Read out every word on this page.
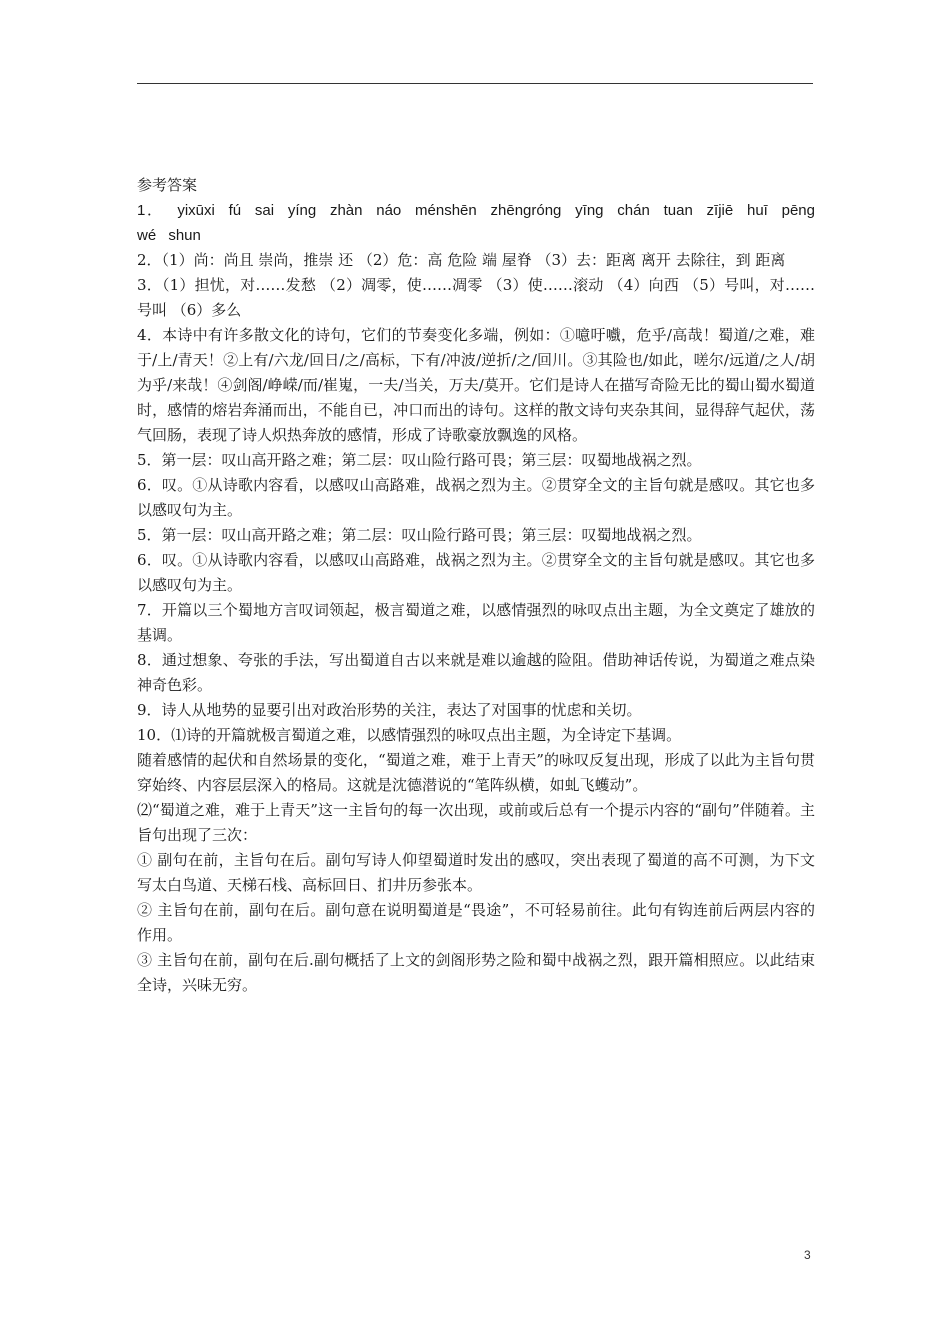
参考答案

1． yixūxi fú sai yíng zhàn náo ménshēn zhēngróng yīng chán tuan zījiē huī pēng wé shun

2．（1）尚：尚且 崇尚，推崇 还 （2）危：高 危险 端 屋脊 （3）去：距离 离开 去除往，到 距离

3．（1）担忧，对……发愁 （2）凋零，使……凋零 （3）使……滚动 （4）向西 （5）号叫，对……号叫 （6）多么

4．本诗中有许多散文化的诗句，它们的节奏变化多端，例如：①噫吁嚱，危乎/高哉！蜀道/之难，难于/上/青天！②上有/六龙/回日/之/高标，下有/冲波/逆折/之/回川。③其险也/如此，嗟尔/远道/之人/胡为乎/来哉！④剑阁/峥嵘/而/崔嵬，一夫/当关，万夫/莫开。它们是诗人在描写奇险无比的蜀山蜀水蜀道时，感情的熔岩奔涌而出，不能自已，冲口而出的诗句。这样的散文诗句夹杂其间，显得辞气起伏，荡气回肠，表现了诗人炽热奔放的感情，形成了诗歌豪放飘逸的风格。

5．第一层：叹山高开路之难；第二层：叹山险行路可畏；第三层：叹蜀地战祸之烈。

6．叹。①从诗歌内容看，以感叹山高路难，战祸之烈为主。②贯穿全文的主旨句就是感叹。其它也多以感叹句为主。

5．第一层：叹山高开路之难；第二层：叹山险行路可畏；第三层：叹蜀地战祸之烈。

6．叹。①从诗歌内容看，以感叹山高路难，战祸之烈为主。②贯穿全文的主旨句就是感叹。其它也多以感叹句为主。

7．开篇以三个蜀地方言叹词领起，极言蜀道之难，以感情强烈的咏叹点出主题，为全文奠定了雄放的基调。

8．通过想象、夸张的手法，写出蜀道自古以来就是难以逾越的险阻。借助神话传说，为蜀道之难点染神奇色彩。

9．诗人从地势的显要引出对政治形势的关注，表达了对国事的忧虑和关切。

10．⑴诗的开篇就极言蜀道之难，以感情强烈的咏叹点出主题，为全诗定下基调。

随着感情的起伏和自然场景的变化，“蜀道之难，难于上青天”的咏叹反复出现，形成了以此为主旨句贯穿始终、内容层层深入的格局。这就是沈德潜说的“笔阵纵横，如虬飞蠖动”。

⑵“蜀道之难，难于上青天”这一主旨句的每一次出现，或前或后总有一个提示内容的“副句”伴随着。主旨句出现了三次：

① 副句在前，主旨句在后。副句写诗人仰望蜀道时发出的感叹，突出表现了蜀道的高不可测，为下文写太白鸟道、天梯石栈、高标回日、扪井历参张本。

② 主旨句在前，副句在后。副句意在说明蜀道是“畏途”，不可轻易前往。此句有钩连前后两层内容的作用。

③ 主旨句在前，副句在后.副句概括了上文的剑阁形势之险和蜀中战祸之烈，跟开篇相照应。以此结束全诗，兴味无穷。

3
